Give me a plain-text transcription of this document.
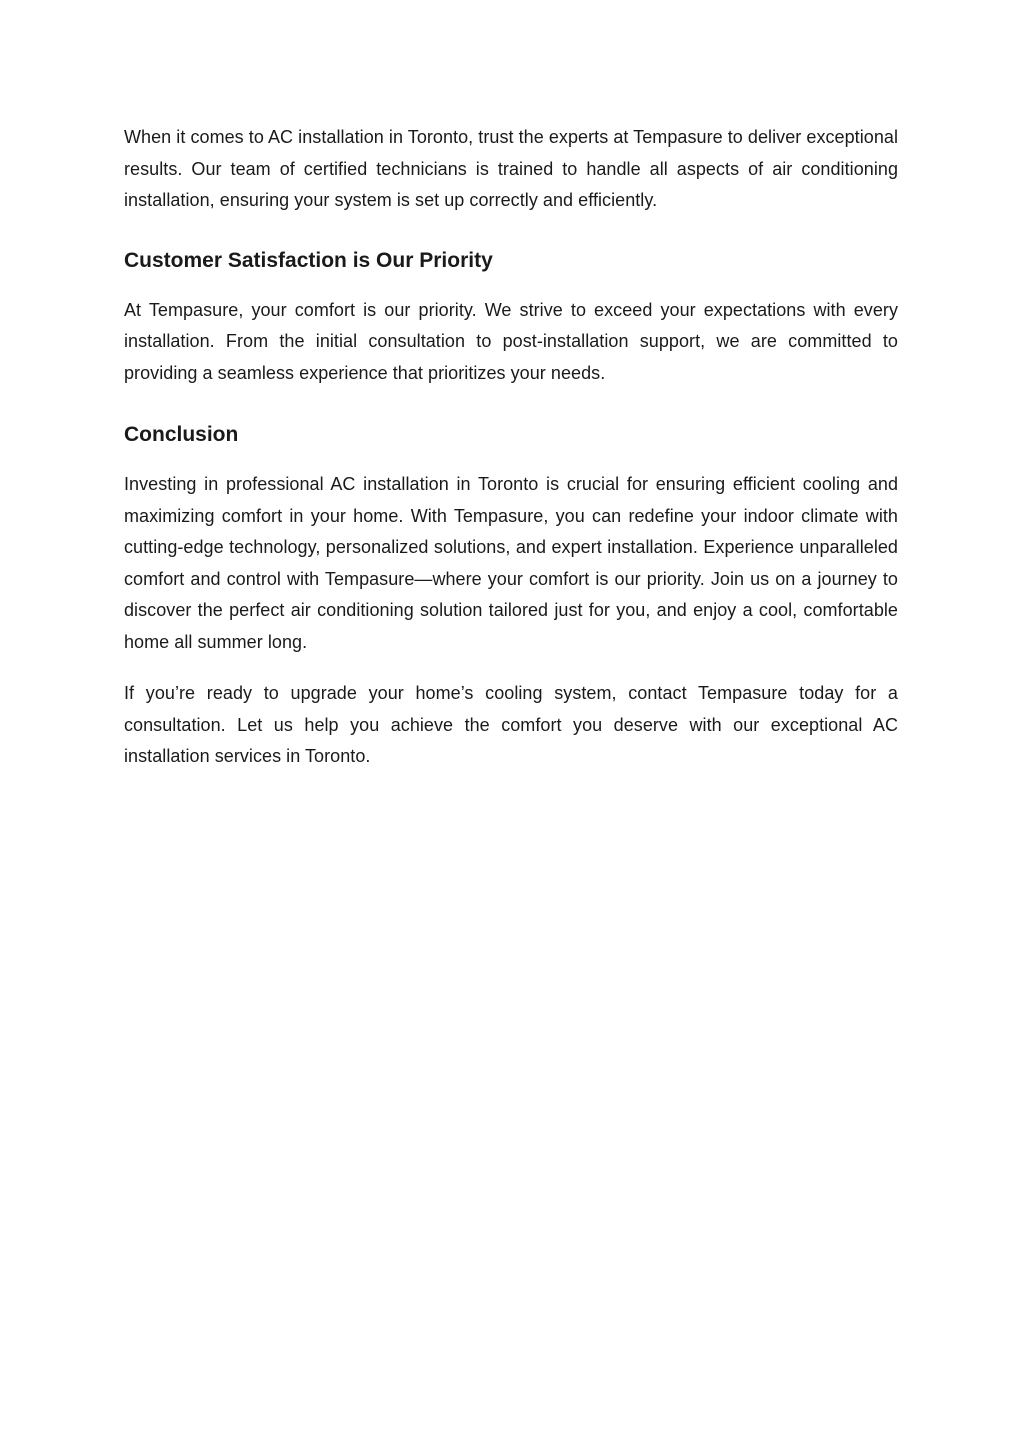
When it comes to AC installation in Toronto, trust the experts at Tempasure to deliver exceptional results. Our team of certified technicians is trained to handle all aspects of air conditioning installation, ensuring your system is set up correctly and efficiently.

Customer Satisfaction is Our Priority

At Tempasure, your comfort is our priority. We strive to exceed your expectations with every installation. From the initial consultation to post-installation support, we are committed to providing a seamless experience that prioritizes your needs.

Conclusion

Investing in professional AC installation in Toronto is crucial for ensuring efficient cooling and maximizing comfort in your home. With Tempasure, you can redefine your indoor climate with cutting-edge technology, personalized solutions, and expert installation. Experience unparalleled comfort and control with Tempasure—where your comfort is our priority. Join us on a journey to discover the perfect air conditioning solution tailored just for you, and enjoy a cool, comfortable home all summer long.

If you’re ready to upgrade your home’s cooling system, contact Tempasure today for a consultation. Let us help you achieve the comfort you deserve with our exceptional AC installation services in Toronto.
